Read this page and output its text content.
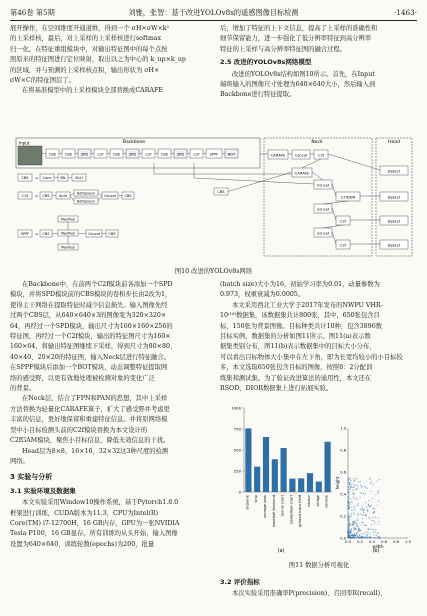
第46卷 第5期	刘雅，张智：基于改进YOLOv8s的遥感图像目标检测	·1463·

展开操作，在空间维度开通道维，得到一个 σH×σW×k²

的上采样核，最后，对上采样的上采样核进行softmax

归一化，在特征重组模块中，对输出特征图中的每个点按

照原来的特征图进行定位映射，取出以之为中心的 k_up×k_up

的区域，并与预测的上采样核点积，输出形状为 σH×

σW×C的特征图层了。

在将基准模型中的上采样模块全部替换成CARAFE

后，增加了特征的上下文信息，提高了上采样的准确性和

细节保留能力，进一步强化了低分辨率特征到高分辨率

特征的上采样与高分辨率特征图的融合过程。

2.5 改进的YOLOv8s网络模型

改进的YOLOv8s结构如图10所示。首先，在Input

端将输入的图像尺寸处理为640×640大小，然后输入到

Backbone进行特征提取。

Backbone	Neck	Head
Input
CBS CBS SPD	C2f	CBS SPD	C2f	CBS SPD	C2f	SPPF	BOT	CARAFE	Concat	C2f
CARAFE
Concat
C2fGAM
Concat
C2f
Concat
C2f
Detect
Detect
Detect
Detect
CBS = Conv BN	SiLU
C2f = CBS	Split
Bottleneck
Bottleneck
Concat CBS
SPPF = CBS
MaxPool
MaxPool
MaxPool
Concat CBS
CBS
图10 改进的YOLOv8s网络

在Backbone中，在前两个C2f模块前各添加一个SPD

模块，并将SPD模块前的CBS模块的卷积步长由2改为1，

使得主干网络在提取特征时减少信息损失。输入图像先经

过两个CBS层，从640×640×3的图像变为320×320×

64，再经过一个SPD模块，输出尺寸为160×160×256的

特征图，再经过一个C2f模块，输出的特征图尺寸为160×

160×64，将输出特征图继续下采样，得到尺寸为80×80、

40×40、20×20的特征图，输入Neck层进行特征融合。

在SPPF模块后添加一个BOT模块，动态调整特征提取网

络的感受野，以更有效地处理被检测对象的变化广泛

的背景。

在Neck层，结合了FPN和PAN的思想，其中上采样

方法替换为轻量化CARAFE算子，扩大了感受野并考虑更

丰富的信息，更好地保留和重建特征信息。并将原网络模

型中小目标检测头前的C2f模块替换为本文设计的

C2fGAM模块，聚焦小目标信息，降低无效信息的干扰。

Head层为8×8、16×16、32×32这3种尺度的检测

网络。

3 实验与分析
3.1 实验环境及数据集

本文实验采用Window10操作系统，基于Pytorch1.8.0

框架进行训练，CUDA版本为11.3，CPU为Intel(R)

Core(TM) i7-12700H，16 GB内存，GPU为一张NVIDIA

Tesla P100，16 GB显存。所有训练均从头开始，输入图像

设置为640×640，训练轮数(epochs)为200，批量

(batch size)大小为16，初始学习率为0.01，动量参数为

0.973，权重衰减为0.0005。

本文采用西北工业大学于2017年发布的NWPU VHR-

10⁽¹⁶⁾数据集，该数据集共计800张，其中，650张包含目

标，150张为背景图像。目标种类共计10种，包含3896数

目标实例，数据集的分析如图11所示。图11(a)表示数

据集类别分布，图11(b)表示数据集中的目标大小分布，

可以看出目标物体大小集中在左下角，即为长宽均较小的小目标较

多，本文选取650张包含目标的图像，按照8：2分配训

练集和测试集。为了验证改进算法的通用性，本文还在

RSOD、DIOR数据集上进行拓展实验。

0
250
500
750
1000
airplane ship storage tank baseball diamond tennis court basketball court ground track field harbor bridge vehicle
0.0
0.2
0.4
0.6
0.8
1.0
0.0 0.2 0.4 0.6 0.8 1.0
width
height
(a)	(b)
图11 数据分析可视化
3.2 评价指标

本次实验采用准确率P(precision)、召回率R(recall)、
